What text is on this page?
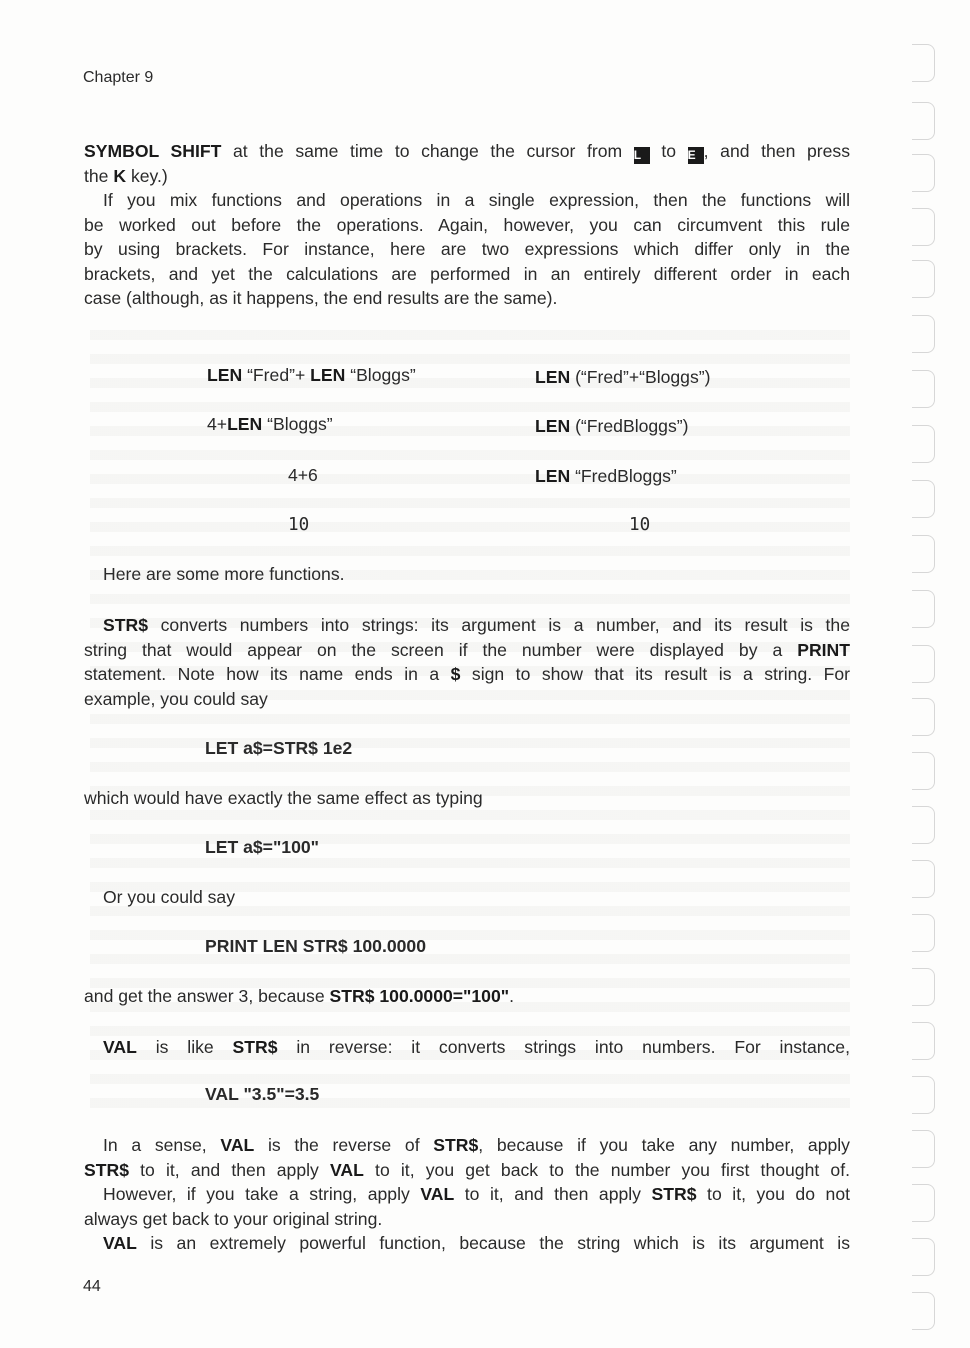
Chapter 9
SYMBOL SHIFT at the same time to change the cursor from L to E , and then press
the K key.)
If you mix functions and operations in a single expression, then the functions will
be worked out before the operations. Again, however, you can circumvent this rule
by using brackets. For instance, here are two expressions which differ only in the
brackets, and yet the calculations are performed in an entirely different order in each
case (although, as it happens, the end results are the same).
LEN “Fred”+ LEN “Bloggs”
4+LEN “Bloggs”
4+6
10
LEN (“Fred”+“Bloggs”)
LEN (“FredBloggs”)
LEN “FredBloggs”
10
Here are some more functions.
STR$ converts numbers into strings: its argument is a number, and its result is the
string that would appear on the screen if the number were displayed by a PRINT
statement. Note how its name ends in a $ sign to show that its result is a string. For
example, you could say
LET a$=STR$ 1e2
which would have exactly the same effect as typing
LET a$="100"
Or you could say
PRINT LEN STR$ 100.0000
and get the answer 3, because STR$ 100.0000="100".
VAL is like STR$ in reverse: it converts strings into numbers. For instance,
VAL "3.5"=3.5
In a sense, VAL is the reverse of STR$, because if you take any number, apply
STR$ to it, and then apply VAL to it, you get back to the number you first thought of.
However, if you take a string, apply VAL to it, and then apply STR$ to it, you do not
always get back to your original string.
VAL is an extremely powerful function, because the string which is its argument is
44
